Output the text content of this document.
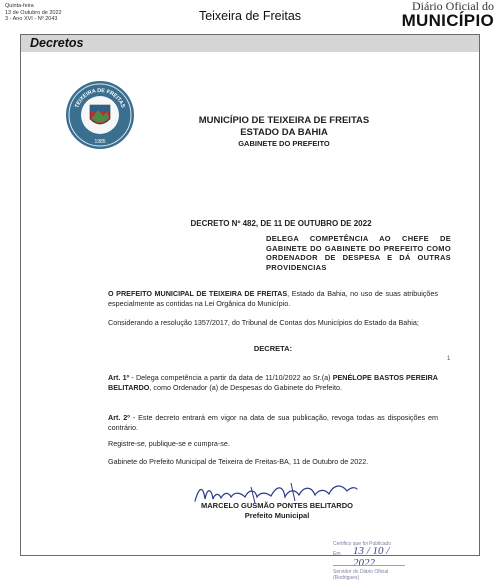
Quinta-feira
13 de Outubro de 2022
3 - Ano XVI - Nº 2043	Teixeira de Freitas
Diário Oficial do
MUNICÍPIO
Decretos
TEIXEIRA DE FREITAS
1985
MUNICÍPIO DE TEIXEIRA DE FREITAS
ESTADO DA BAHIA
GABINETE DO PREFEITO
DECRETO Nº 482, DE 11 DE OUTUBRO DE 2022
DELEGA COMPETÊNCIA AO CHEFE DE GABINETE DO GABINETE DO PREFEITO COMO ORDENADOR DE DESPESA E DÁ OUTRAS PROVIDENCIAS
O PREFEITO MUNICIPAL DE TEIXEIRA DE FREITAS, Estado da Bahia, no uso de suas atribuições especialmente as contidas na Lei Orgânica do Município.
Considerando a resolução 1357/2017, do Tribunal de Contas dos Municípios do Estado da Bahia;
DECRETA:
Art. 1º - Delega competência a partir da data de 11/10/2022 ao Sr.(a) PENÉLOPE BASTOS PEREIRA BELITARDO, como Ordenador (a) de Despesas do Gabinete do Prefeito.
Art. 2º - Este decreto entrará em vigor na data de sua publicação, revoga todas as disposições em contrário.
Registre-se, publique-se e cumpra-se.
Gabinete do Prefeito Municipal de Teixeira de Freitas-BA, 11 de Outubro de 2022.
1
MARCELO GUSMÃO PONTES BELITARDO
Prefeito Municipal
Certifico que foi Publicado
Em 13 / 10 / 2022
Servidor do Diário Oficial (Rodrigues)
